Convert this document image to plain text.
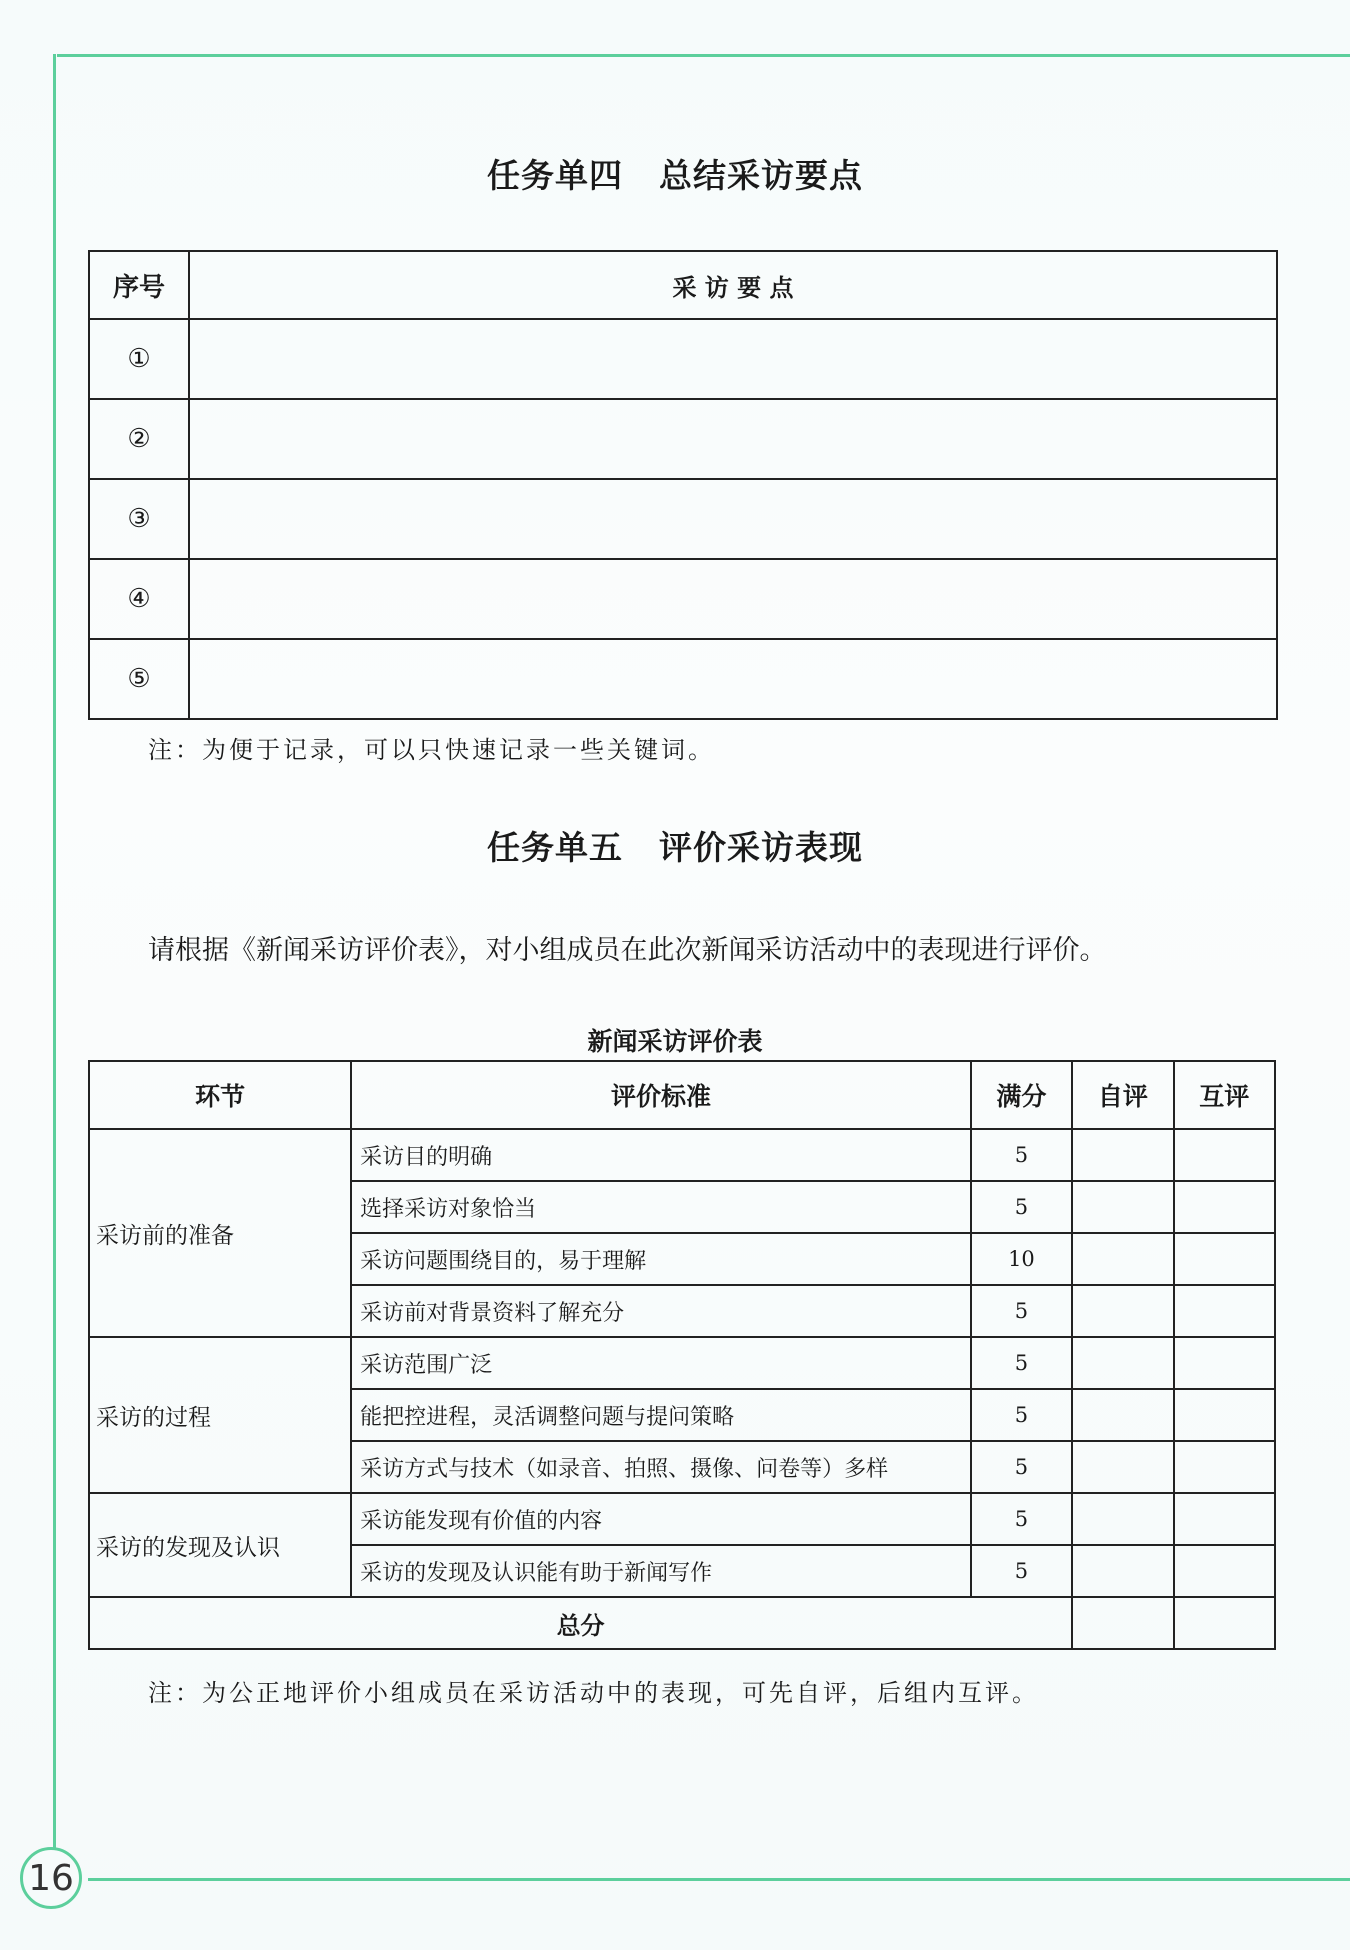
16
任务单四 总结采访要点
序号	采 访 要 点
①	
②	
③	
④	
⑤	
注：为便于记录，可以只快速记录一些关键词。
任务单五 评价采访表现
请根据《新闻采访评价表》，对小组成员在此次新闻采访活动中的表现进行评价。
新闻采访评价表
环节	评价标准	满分	自评	互评
采访前的准备	采访目的明确	5		
	选择采访对象恰当	5		
	采访问题围绕目的，易于理解	10		
	采访前对背景资料了解充分	5		
采访的过程	采访范围广泛	5		
	能把控进程，灵活调整问题与提问策略	5		
	采访方式与技术（如录音、拍照、摄像、问卷等）多样	5		
采访的发现及认识	采访能发现有价值的内容	5		
	采访的发现及认识能有助于新闻写作	5		
总分				
注：为公正地评价小组成员在采访活动中的表现，可先自评，后组内互评。
